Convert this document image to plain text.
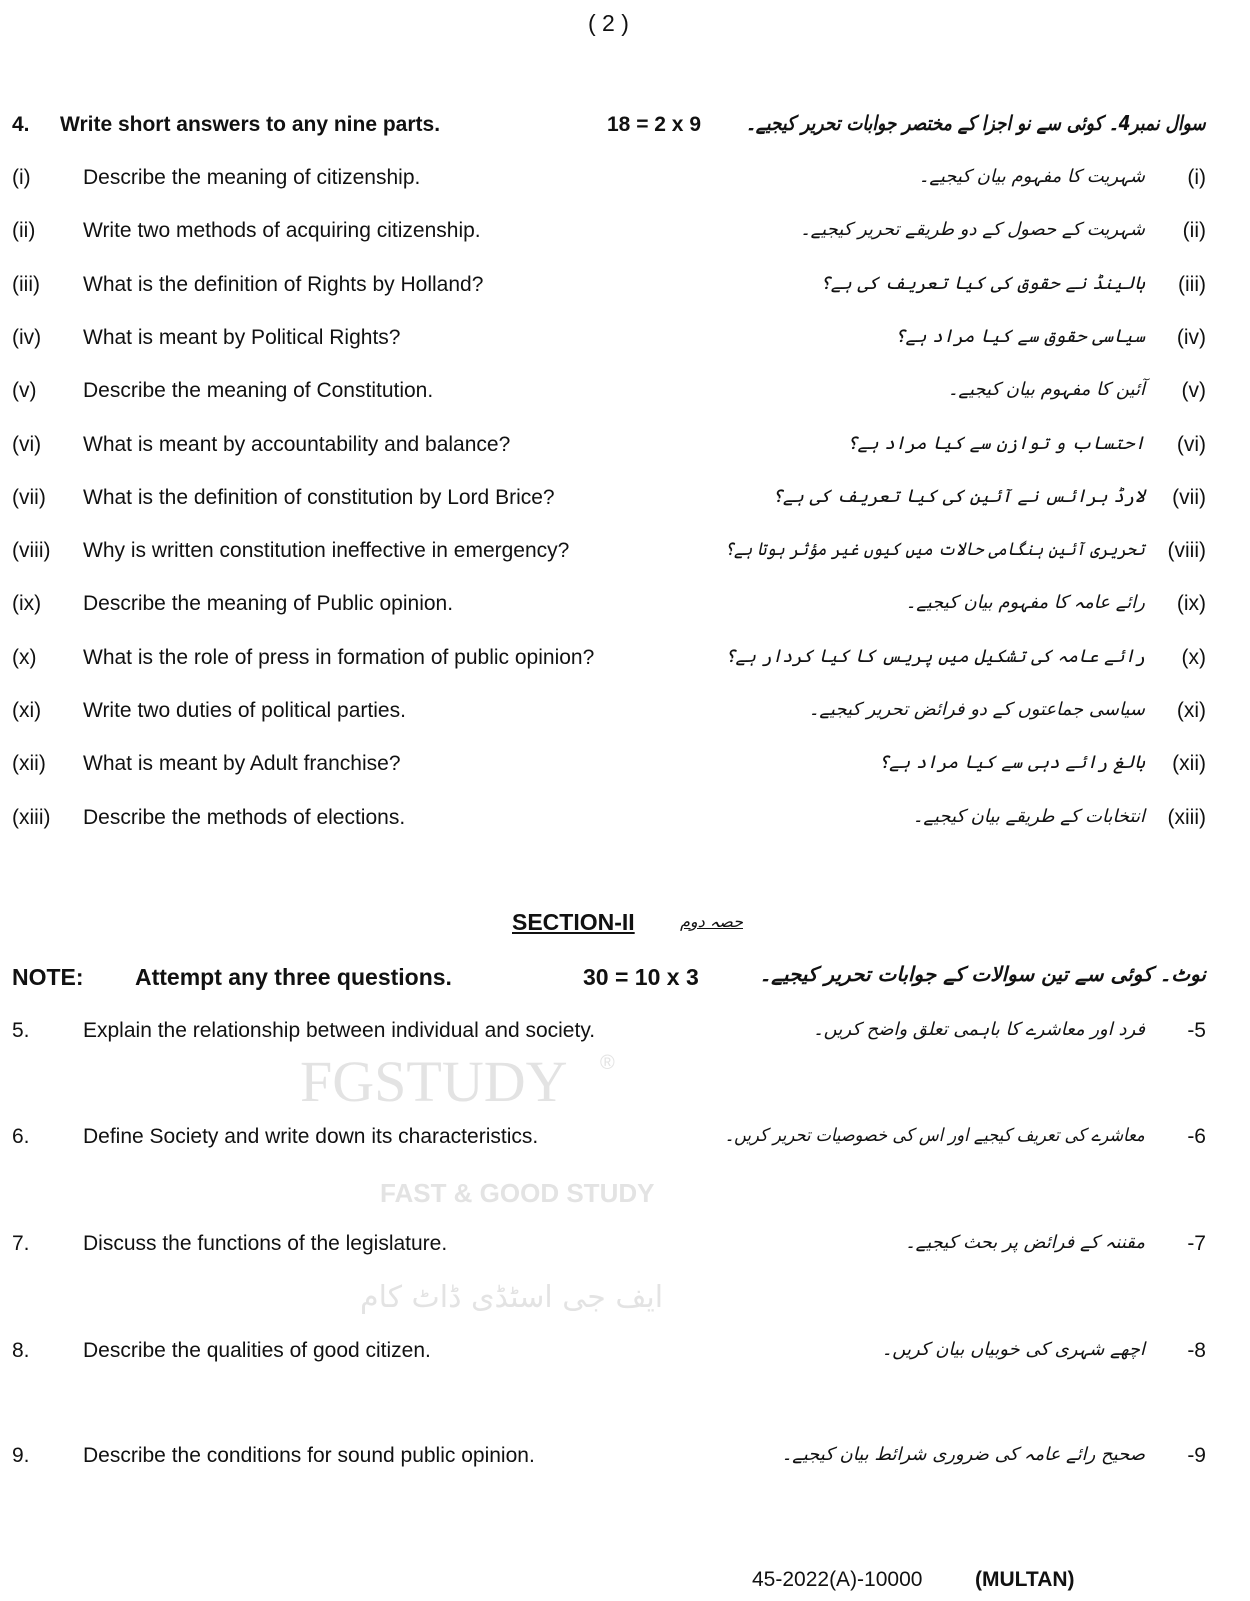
FGSTUDY ®
FAST & GOOD STUDY
ایف جی اسٹڈی ڈاٹ کام
( 2 )
4. Write short answers to any nine parts.	18 = 2 x 9 سوال نمبر4۔ کوئی سے نو اجزا کے مختصر جوابات تحریر کیجیے۔
(i) Describe the meaning of citizenship.	شہریت کا مفہوم بیان کیجیے۔ (i)
(ii) Write two methods of acquiring citizenship.	شہریت کے حصول کے دو طریقے تحریر کیجیے۔ (ii)
(iii) What is the definition of Rights by Holland?	ہالینڈ نے حقوق کی کیا تعریف کی ہے؟ (iii)
(iv) What is meant by Political Rights?	سیاسی حقوق سے کیا مراد ہے؟ (iv)
(v) Describe the meaning of Constitution.	آئین کا مفہوم بیان کیجیے۔ (v)
(vi) What is meant by accountability and balance?	احتساب و توازن سے کیا مراد ہے؟ (vi)
(vii) What is the definition of constitution by Lord Brice?	لارڈ برائس نے آئین کی کیا تعریف کی ہے؟ (vii)
(viii) Why is written constitution ineffective in emergency?	تحریری آئین ہنگامی حالات میں کیوں غیر مؤثر ہوتا ہے؟ (viii)
(ix) Describe the meaning of Public opinion.	رائے عامہ کا مفہوم بیان کیجیے۔ (ix)
(x) What is the role of press in formation of public opinion?	رائے عامہ کی تشکیل میں پریس کا کیا کردار ہے؟ (x)
(xi) Write two duties of political parties.	سیاسی جماعتوں کے دو فرائض تحریر کیجیے۔ (xi)
(xii) What is meant by Adult franchise?	بالغ رائے دہی سے کیا مراد ہے؟ (xii)
(xiii) Describe the methods of elections.	انتخابات کے طریقے بیان کیجیے۔ (xiii)
SECTION-II	حصہ دوم
NOTE: Attempt any three questions.	30 = 10 x 3	نوٹ۔ کوئی سے تین سوالات کے جوابات تحریر کیجیے۔
5.	Explain the relationship between individual and society.	فرد اور معاشرے کا باہمی تعلق واضح کریں۔ -5
6.	Define Society and write down its characteristics.	معاشرے کی تعریف کیجیے اور اس کی خصوصیات تحریر کریں۔ -6
7.	Discuss the functions of the legislature.	مقننہ کے فرائض پر بحث کیجیے۔ -7
8.	Describe the qualities of good citizen.	اچھے شہری کی خوبیاں بیان کریں۔ -8
9.	Describe the conditions for sound public opinion.	صحیح رائے عامہ کی ضروری شرائط بیان کیجیے۔ -9
45-2022(A)-10000	(MULTAN)
